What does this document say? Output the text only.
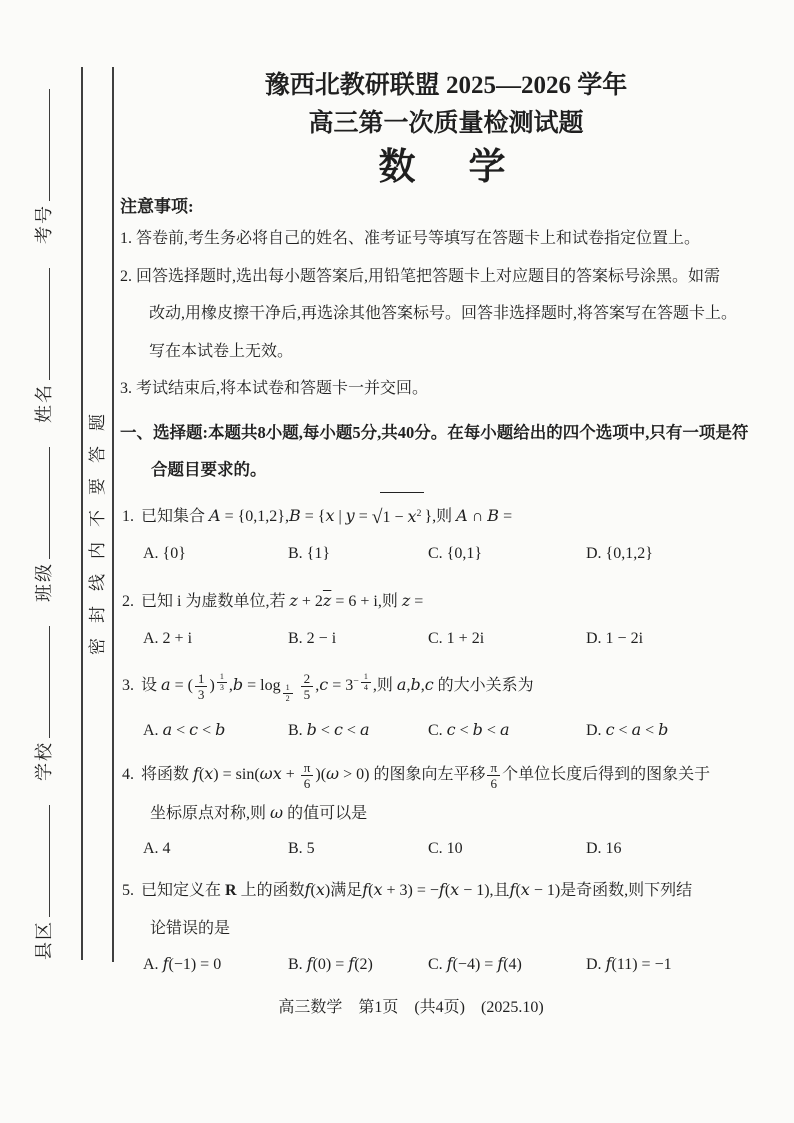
县区学校班级姓名考号
密封线内不要答题
豫西北教研联盟 2025—2026 学年
高三第一次质量检测试题
数　学
注意事项:
1. 答卷前,考生务必将自己的姓名、准考证号等填写在答题卡上和试卷指定位置上。
2. 回答选择题时,选出每小题答案后,用铅笔把答题卡上对应题目的答案标号涂黑。如需
改动,用橡皮擦干净后,再选涂其他答案标号。回答非选择题时,将答案写在答题卡上。
写在本试卷上无效。
3. 考试结束后,将本试卷和答题卡一并交回。
一、选择题:本题共8小题,每小题5分,共40分。在每小题给出的四个选项中,只有一项是符
合题目要求的。
1. 已知集合 A = {0,1,2},B = {x | $y = √1 - x^2$ },则 A ∩ B =
A. {0}	B. {1}	C. {0,1}	D. {0,1,2}
2. 已知 i 为虚数单位,若 $z + 2\overline{z} = 6 + i$,则 z =
A. 2 + i	B. 2 − i	C. 1 + 2i	D. 1 − 2i
3. 设 a = ( $\frac{1}{3}$ ) $^{\frac{1}{3}}$ ,b = log $_{\frac{1}{2}}$
$\frac{2}{5} ,c = 3^{- \frac{1}{4}}$ ,则 a,b,c 的大小关系为
A. a < c < b	B. b < c < a	C. c < b < a	D. c < a < b
4. 将函数 $f(x) = \sin(\omega x + \frac{\pi}{6} )(\omega > 0)$ 的图象向左平移 $\frac{\pi}{6}$ 个单位长度后得到的图象关于
坐标原点对称,则 ω 的值可以是
A. 4	B. 5	C. 10	D. 16
5. 已知定义在 R 上的函数f(x)满足f(x + 3) = −f(x − 1),且f(x − 1)是奇函数,则下列结
论错误的是
A. f(−1) = 0	B. f(0) = f(2)	C. f(−4) = f(4)	D. f(11) = −1
高三数学　第1页　(共4页)　(2025.10)
